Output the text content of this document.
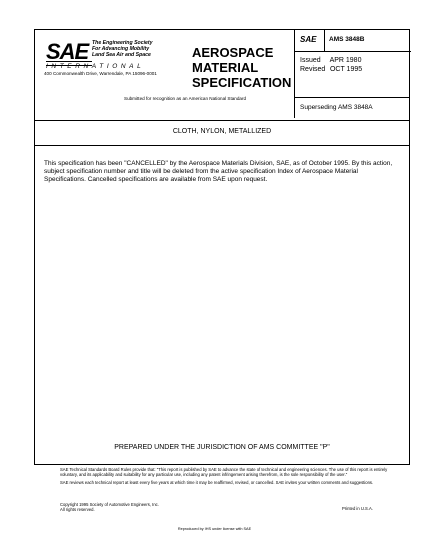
SAE
INTERNATIONAL
The Engineering Society
For Advancing Mobility
Land Sea Air and Space
400 Commonwealth Drive, Warrendale, PA 15096-0001
AEROSPACE
MATERIAL
SPECIFICATION
Submitted for recognition as an American National Standard
SAE	AMS 3848B
Issued APR 1980
Revised OCT 1995
Superseding AMS 3848A
CLOTH, NYLON, METALLIZED
This specification has been "CANCELLED" by the Aerospace Materials Division, SAE, as of October 1995. By this action, subject specification number and title will be deleted from the active specification Index of Aerospace Material Specifications. Cancelled specifications are available from SAE upon request.
PREPARED UNDER THE JURISDICTION OF AMS COMMITTEE "P"

SAE Technical Standards Board Rules provide that: "This report is published by SAE to advance the state of technical and engineering sciences. The use of this report is entirely voluntary, and its applicability and suitability for any particular use, including any patent infringement arising therefrom, is the sole responsibility of the user."

SAE reviews each technical report at least every five years at which time it may be reaffirmed, revised, or cancelled. SAE invites your written comments and suggestions.

Copyright 1995 Society of Automotive Engineers, Inc.
All rights reserved.	Printed in U.S.A.
Reproduced by IHS under license with SAE
